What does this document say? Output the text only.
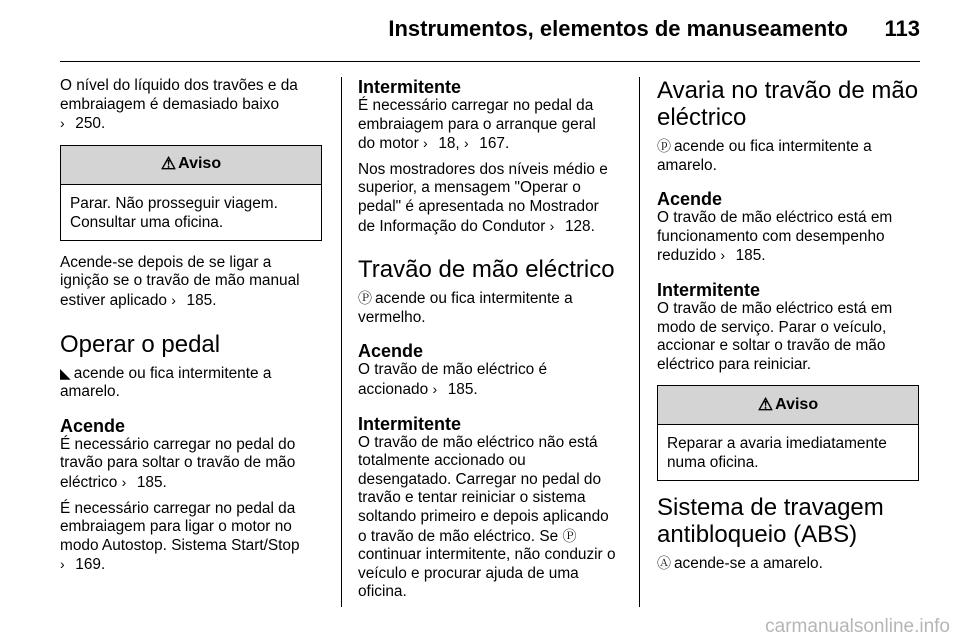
Instrumentos, elementos de manuseamento 113

O nível do líquido dos travões e da
embraiagem é demasiado baixo
› 250.

⚠ Aviso
Parar. Não prosseguir viagem.
Consultar uma oficina.

Acende-se depois de se ligar a
ignição se o travão de mão manual
estiver aplicado › 185.

Operar o pedal

◣ acende ou fica intermitente a
amarelo.

Acende

É necessário carregar no pedal do
travão para soltar o travão de mão
eléctrico › 185.

É necessário carregar no pedal da
embraiagem para ligar o motor no
modo Autostop. Sistema Start/Stop
› 169.

Intermitente

É necessário carregar no pedal da
embraiagem para o arranque geral
do motor › 18, › 167.

Nos mostradores dos níveis médio e
superior, a mensagem "Operar o
pedal" é apresentada no Mostrador
de Informação do Condutor › 128.

Travão de mão eléctrico

Ⓟ acende ou fica intermitente a
vermelho.

Acende

O travão de mão eléctrico é
accionado › 185.

Intermitente

O travão de mão eléctrico não está
totalmente accionado ou
desengatado. Carregar no pedal do
travão e tentar reiniciar o sistema
soltando primeiro e depois aplicando
o travão de mão eléctrico. Se Ⓟ
continuar intermitente, não conduzir o
veículo e procurar ajuda de uma
oficina.

Avaria no travão de mão
eléctrico

ⓟ acende ou fica intermitente a
amarelo.

Acende

O travão de mão eléctrico está em
funcionamento com desempenho
reduzido › 185.

Intermitente

O travão de mão eléctrico está em
modo de serviço. Parar o veículo,
accionar e soltar o travão de mão
eléctrico para reiniciar.

⚠ Aviso
Reparar a avaria imediatamente
numa oficina.
Sistema de travagem
antibloqueio (ABS)

Ⓐ acende-se a amarelo.

carmanualsonline.info
